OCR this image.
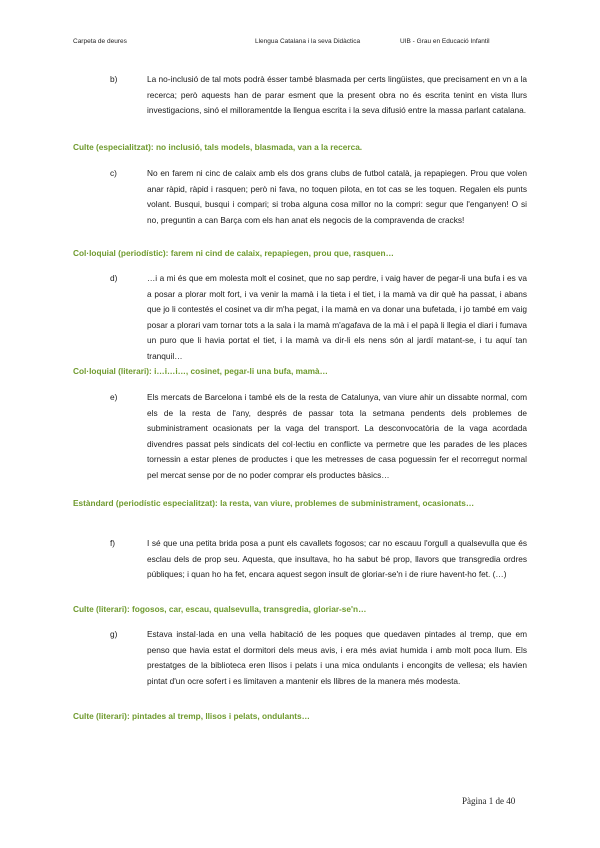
Carpeta de deures	Llengua Catalana i la seva Didàctica	UIB - Grau en Educació Infantil
b)	La no-inclusió de tal mots podrà ésser també blasmada per certs lingüistes, que precisament en vn a la recerca; però aquests han de parar esment que la present obra no és escrita tenint en vista llurs investigacions, sinó el milloramentde la llengua escrita i la seva difusió entre la massa parlant catalana.
Culte (especialitzat): no inclusió, tals models, blasmada, van a la recerca.
c)	No en farem ni cinc de calaix amb els dos grans clubs de futbol català, ja repapiegen. Prou que volen anar ràpid, ràpid i rasquen; però ni fava, no toquen pilota, en tot cas se les toquen. Regalen els punts volant. Busqui, busqui i compari; si troba alguna cosa millor no la compri: segur que l'enganyen! O si no, preguntin a can Barça com els han anat els negocis de la compravenda de cracks!
Col·loquial (periodístic): farem ni cind de calaix, repapiegen, prou que, rasquen…
d)	…i a mi és que em molesta molt el cosinet, que no sap perdre, i vaig haver de pegar-li una bufa i es va a posar a plorar molt fort, i va venir la mamà i la tieta i el tiet, i la mamà va dir què ha passat, i abans que jo li contestés el cosinet va dir m'ha pegat, i la mamà en va donar una bufetada, i jo també em vaig posar a plorari vam tornar tots a la sala i la mamà m'agafava de la mà i el papà li llegia el diari i fumava un puro que li havia portat el tiet, i la mamà va dir-li els nens són al jardí matant-se, i tu aquí tan tranquil…
Col·loquial (literari): i…i…i…, cosinet, pegar-li una bufa, mamà…
e)	Els mercats de Barcelona i també els de la resta de Catalunya, van viure ahir un dissabte normal, com els de la resta de l'any, després de passar tota la setmana pendents dels problemes de subministrament ocasionats per la vaga del transport. La desconvocatòria de la vaga acordada divendres passat pels sindicats del col·lectiu en conflicte va permetre que les parades de les places tornessin a estar plenes de productes i que les metresses de casa poguessin fer el recorregut normal pel mercat sense por de no poder comprar els productes bàsics…
Estàndard (periodístic especialitzat): la resta, van viure, problemes de subministrament, ocasionats…
f)	I sé que una petita brida posa a punt els cavallets fogosos; car no escauu l'orgull a qualsevulla que és esclau dels de prop seu. Aquesta, que insultava, ho ha sabut bé prop, llavors que transgredia ordres públiques; i quan ho ha fet, encara aquest segon insult de gloriar-se'n i de riure havent-ho fet. (…)
Culte (literari): fogosos, car, escau, qualsevulla, transgredia, gloriar-se'n…
g)	Estava instal·lada en una vella habitació de les poques que quedaven pintades al tremp, que em penso que havia estat el dormitori dels meus avis, i era més aviat humida i amb molt poca llum. Els prestatges de la biblioteca eren llisos i pelats i una mica ondulants i encongits de vellesa; els havien pintat d'un ocre sofert i es limitaven a mantenir els llibres de la manera més modesta.
Culte (literari): pintades al tremp, llisos i pelats, ondulants…
Pàgina 1 de 40
